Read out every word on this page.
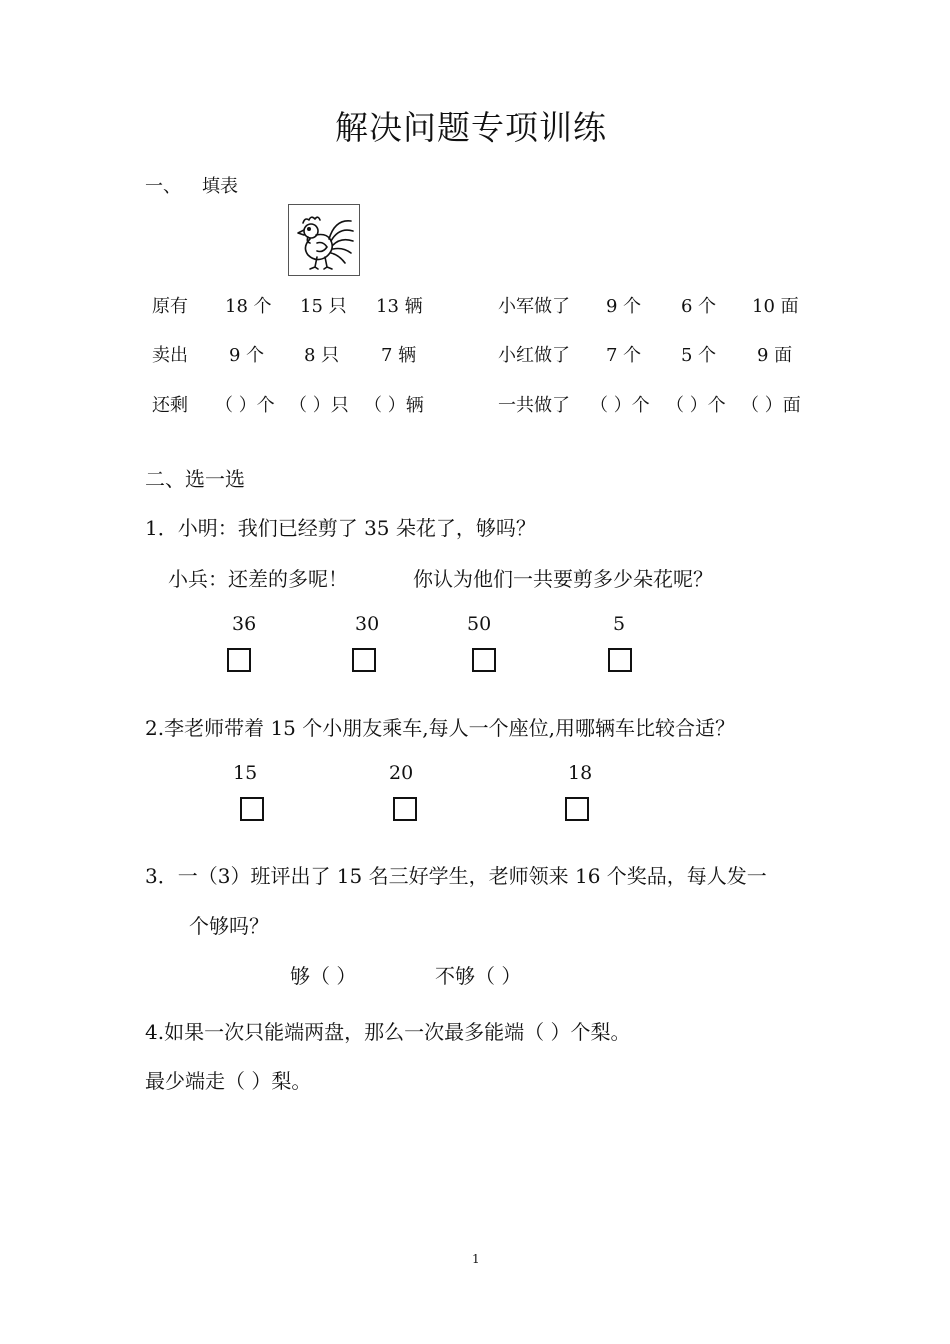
解决问题专项训练
一、 填表
原有 18 个 15 只 13 辆
卖出 9 个 8 只 7 辆
还剩 （ ）个 （ ）只 （ ）辆
小军做了 9 个 6 个 10 面
小红做了 7 个 5 个 9 面
一共做了 （ ）个 （ ）个 （ ）面
二、选一选
1．小明：我们已经剪了 35 朵花了，够吗？
小兵：还差的多呢！	你认为他们一共要剪多少朵花呢？
36	30	50	5
2.李老师带着 15 个小朋友乘车,每人一个座位,用哪辆车比较合适？
15	20	18
3．一（3）班评出了 15 名三好学生，老师领来 16 个奖品，每人发一
个够吗？
够（ ）	不够（ ）
4.如果一次只能端两盘，那么一次最多能端（ ）个梨。
最少端走（ ）梨。
1
